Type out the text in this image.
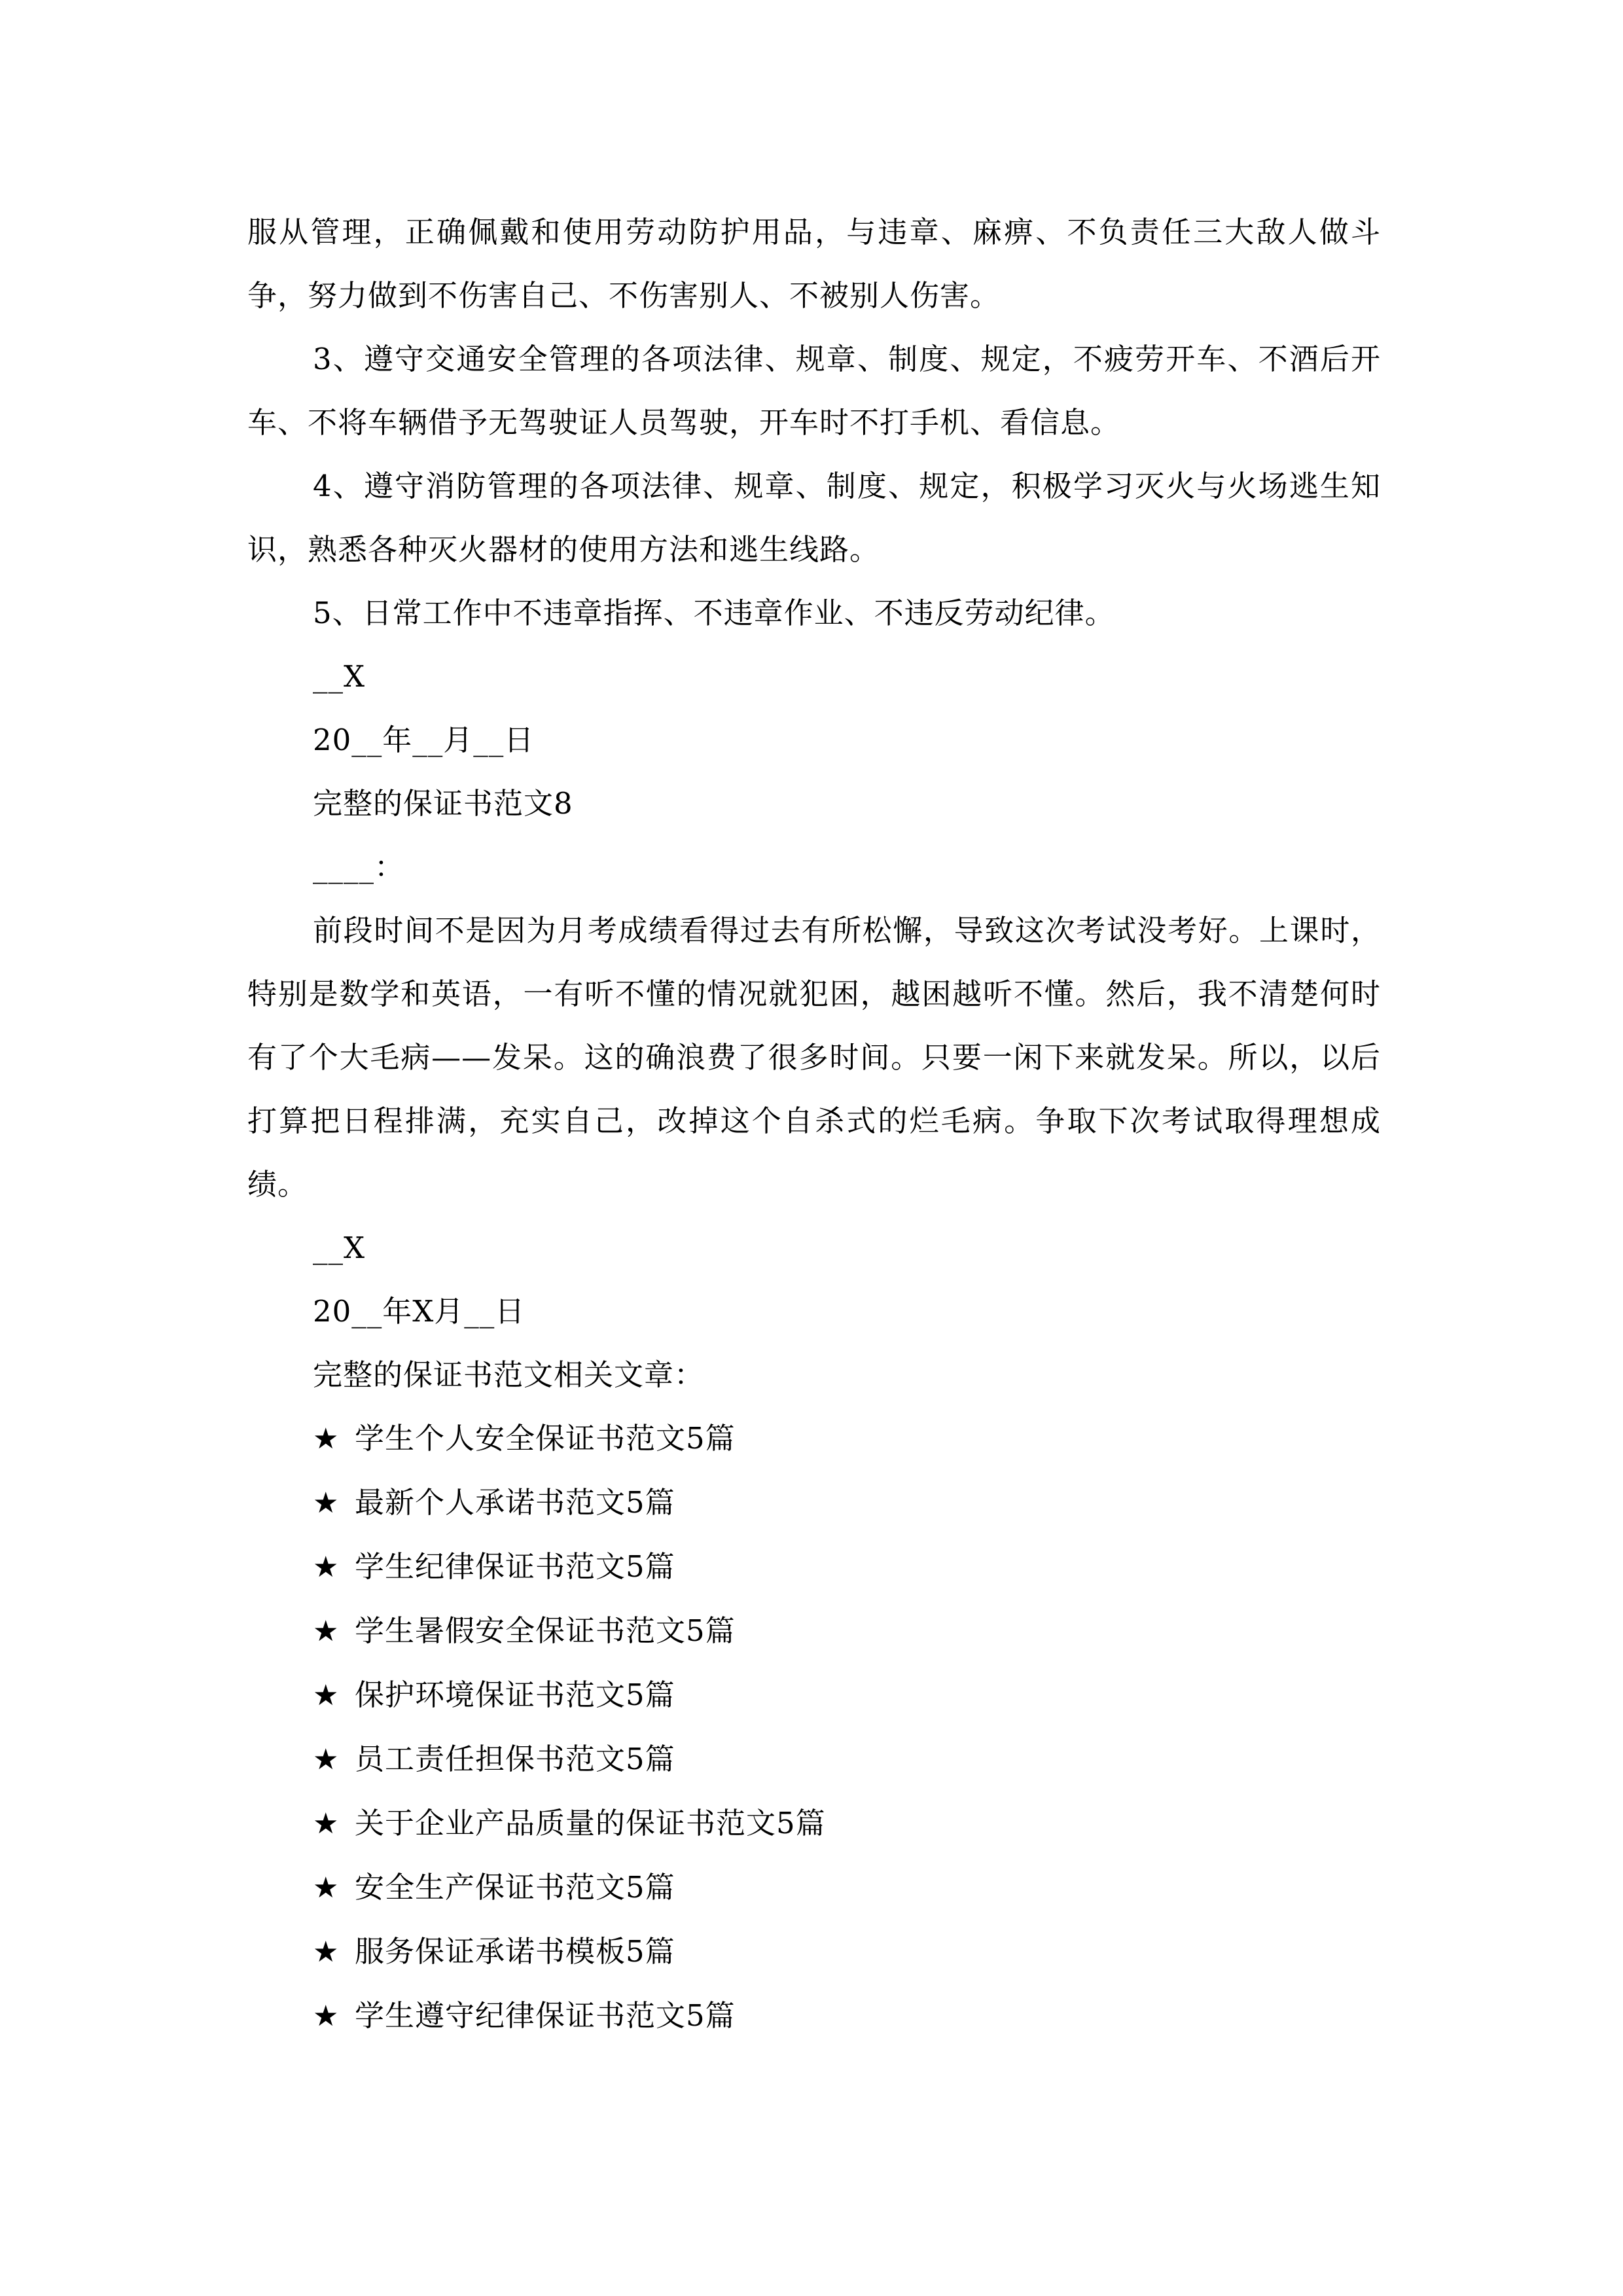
服从管理，正确佩戴和使用劳动防护用品，与违章、麻痹、不负责任三大敌人做斗争，努力做到不伤害自己、不伤害别人、不被别人伤害。

3、遵守交通安全管理的各项法律、规章、制度、规定，不疲劳开车、不酒后开车、不将车辆借予无驾驶证人员驾驶，开车时不打手机、看信息。

4、遵守消防管理的各项法律、规章、制度、规定，积极学习灭火与火场逃生知识，熟悉各种灭火器材的使用方法和逃生线路。

5、日常工作中不违章指挥、不违章作业、不违反劳动纪律。

__X

20__年__月__日

完整的保证书范文8

____：

前段时间不是因为月考成绩看得过去有所松懈，导致这次考试没考好。上课时，特别是数学和英语，一有听不懂的情况就犯困，越困越听不懂。然后，我不清楚何时有了个大毛病——发呆。这的确浪费了很多时间。只要一闲下来就发呆。所以，以后打算把日程排满，充实自己，改掉这个自杀式的烂毛病。争取下次考试取得理想成绩。

__X

20__年X月__日

完整的保证书范文相关文章：

★ 学生个人安全保证书范文5篇
★ 最新个人承诺书范文5篇
★ 学生纪律保证书范文5篇
★ 学生暑假安全保证书范文5篇
★ 保护环境保证书范文5篇
★ 员工责任担保书范文5篇
★ 关于企业产品质量的保证书范文5篇
★ 安全生产保证书范文5篇
★ 服务保证承诺书模板5篇
★ 学生遵守纪律保证书范文5篇
